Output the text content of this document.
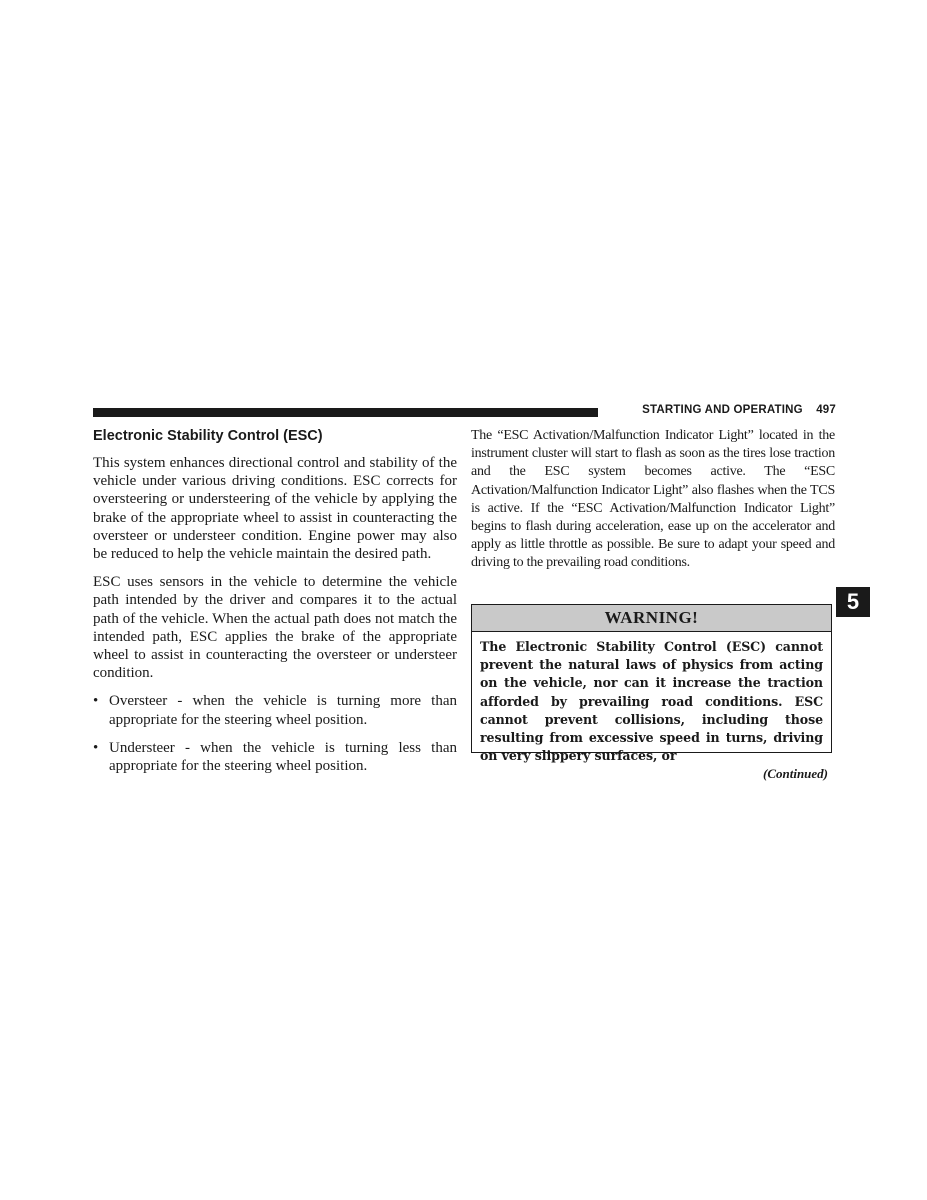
STARTING AND OPERATING 497
Electronic Stability Control (ESC)

This system enhances directional control and stability of the vehicle under various driving conditions. ESC corrects for oversteering or understeering of the vehicle by applying the brake of the appropriate wheel to assist in counteracting the oversteer or understeer condition. Engine power may also be reduced to help the vehicle maintain the desired path.

ESC uses sensors in the vehicle to determine the vehicle path intended by the driver and compares it to the actual path of the vehicle. When the actual path does not match the intended path, ESC applies the brake of the appropriate wheel to assist in counteracting the oversteer or understeer condition.

• Oversteer - when the vehicle is turning more than appropriate for the steering wheel position.
• Understeer - when the vehicle is turning less than appropriate for the steering wheel position.

The “ESC Activation/Malfunction Indicator Light” located in the instrument cluster will start to flash as soon as the tires lose traction and the ESC system becomes active. The “ESC Activation/Malfunction Indicator Light” also flashes when the TCS is active. If the “ESC Activation/Malfunction Indicator Light” begins to flash during acceleration, ease up on the accelerator and apply as little throttle as possible. Be sure to adapt your speed and driving to the prevailing road conditions.

WARNING!
The Electronic Stability Control (ESC) cannot prevent the natural laws of physics from acting on the vehicle, nor can it increase the traction afforded by prevailing road conditions. ESC cannot prevent collisions, including those resulting from excessive speed in turns, driving on very slippery surfaces, or
(Continued)
5
